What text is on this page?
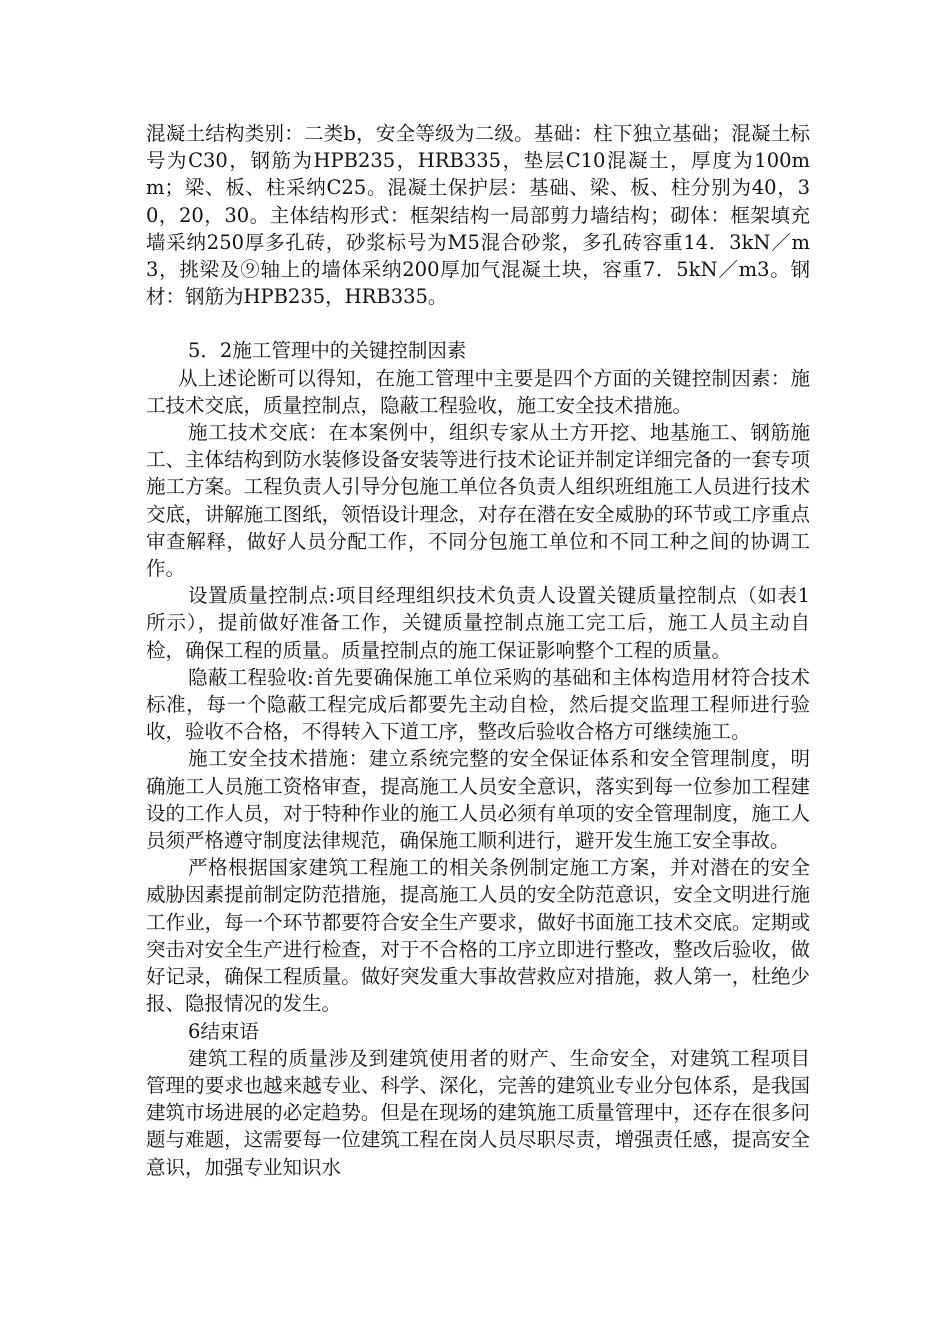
混凝土结构类别：二类b，安全等级为二级。基础：柱下独立基础；混凝土标号为C30，钢筋为HPB235，HRB335，垫层C10混凝土，厚度为100mm；梁、板、柱采纳C25。混凝土保护层：基础、梁、板、柱分别为40，30，20，30。主体结构形式：框架结构一局部剪力墙结构；砌体：框架填充墙采纳250厚多孔砖，砂浆标号为M5混合砂浆，多孔砖容重14．3kN／m3，挑梁及⑨轴上的墙体采纳200厚加气混凝土块，容重7．5kN／m3。钢材：钢筋为HPB235，HRB335。

5．2施工管理中的关键控制因素

从上述论断可以得知，在施工管理中主要是四个方面的关键控制因素：施工技术交底，质量控制点，隐蔽工程验收，施工安全技术措施。

施工技术交底：在本案例中，组织专家从土方开挖、地基施工、钢筋施工、主体结构到防水装修设备安装等进行技术论证并制定详细完备的一套专项施工方案。工程负责人引导分包施工单位各负责人组织班组施工人员进行技术交底，讲解施工图纸，领悟设计理念，对存在潜在安全威胁的环节或工序重点审查解释，做好人员分配工作，不同分包施工单位和不同工种之间的协调工作。

设置质量控制点:项目经理组织技术负责人设置关键质量控制点（如表1所示），提前做好准备工作，关键质量控制点施工完工后，施工人员主动自检，确保工程的质量。质量控制点的施工保证影响整个工程的质量。

隐蔽工程验收:首先要确保施工单位采购的基础和主体构造用材符合技术标准，每一个隐蔽工程完成后都要先主动自检，然后提交监理工程师进行验收，验收不合格，不得转入下道工序，整改后验收合格方可继续施工。

施工安全技术措施：建立系统完整的安全保证体系和安全管理制度，明确施工人员施工资格审查，提高施工人员安全意识，落实到每一位参加工程建设的工作人员，对于特种作业的施工人员必须有单项的安全管理制度，施工人员须严格遵守制度法律规范，确保施工顺利进行，避开发生施工安全事故。

严格根据国家建筑工程施工的相关条例制定施工方案，并对潜在的安全威胁因素提前制定防范措施，提高施工人员的安全防范意识，安全文明进行施工作业，每一个环节都要符合安全生产要求，做好书面施工技术交底。定期或突击对安全生产进行检查，对于不合格的工序立即进行整改，整改后验收，做好记录，确保工程质量。做好突发重大事故营救应对措施，救人第一，杜绝少报、隐报情况的发生。

6结束语

建筑工程的质量涉及到建筑使用者的财产、生命安全，对建筑工程项目管理的要求也越来越专业、科学、深化，完善的建筑业专业分包体系，是我国建筑市场进展的必定趋势。但是在现场的建筑施工质量管理中，还存在很多问题与难题，这需要每一位建筑工程在岗人员尽职尽责，增强责任感，提高安全意识，加强专业知识水
